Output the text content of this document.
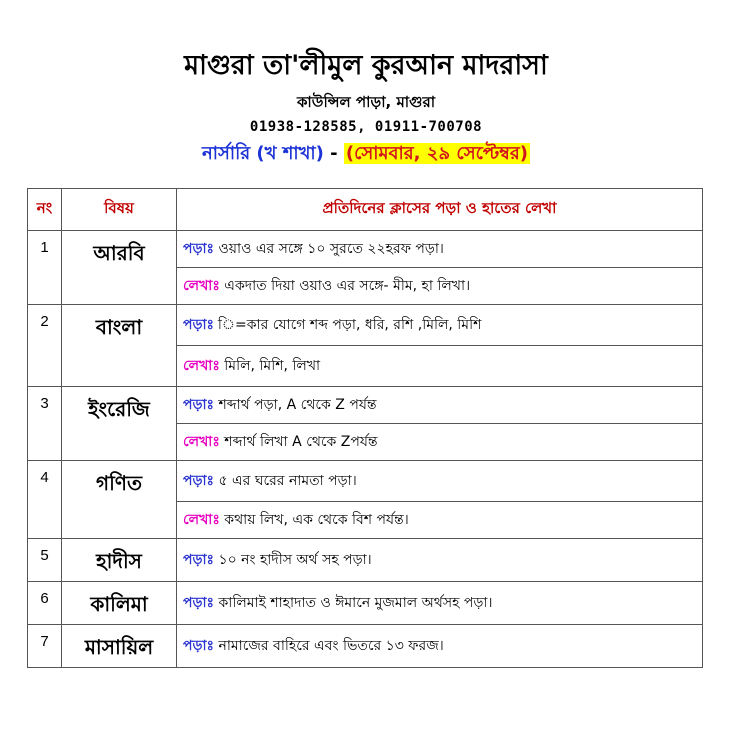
মাগুরা তা'লীমুল কুরআন মাদরাসা
কাউন্সিল পাড়া, মাগুরা
01938-128585, 01911-700708
নার্সারি (খ শাখা) - (সোমবার, ২৯ সেপ্টেম্বর)
নং	বিষয়	প্রতিদিনের ক্লাসের পড়া ও হাতের লেখা
1	আরবি	পড়াঃ ওয়াও এর সঙ্গে ১০ সুরতে ২২হরফ পড়া।
		লেখাঃ একদাত দিয়া ওয়াও এর সঙ্গে- মীম, হা লিখা।
2	বাংলা	পড়াঃ ি=কার যোগে শব্দ পড়া, ধরি, রশি ,মিলি, মিশি
		লেখাঃ মিলি, মিশি, লিখা
3	ইংরেজি	পড়াঃ শব্দার্থ পড়া, A থেকে Z পর্যন্ত
		লেখাঃ শব্দার্থ লিখা A থেকে Zপর্যন্ত
4	গণিত	পড়াঃ ৫ এর ঘরের নামতা পড়া।
		লেখাঃ কথায় লিখ, এক থেকে বিশ পর্যন্ত।
5	হাদীস	পড়াঃ ১০ নং হাদীস অর্থ সহ পড়া।
6	কালিমা	পড়াঃ কালিমাই শাহাদাত ও ঈমানে মুজমাল অর্থসহ পড়া।
7	মাসায়িল	পড়াঃ নামাজের বাহিরে এবং ভিতরে ১৩ ফরজ।
